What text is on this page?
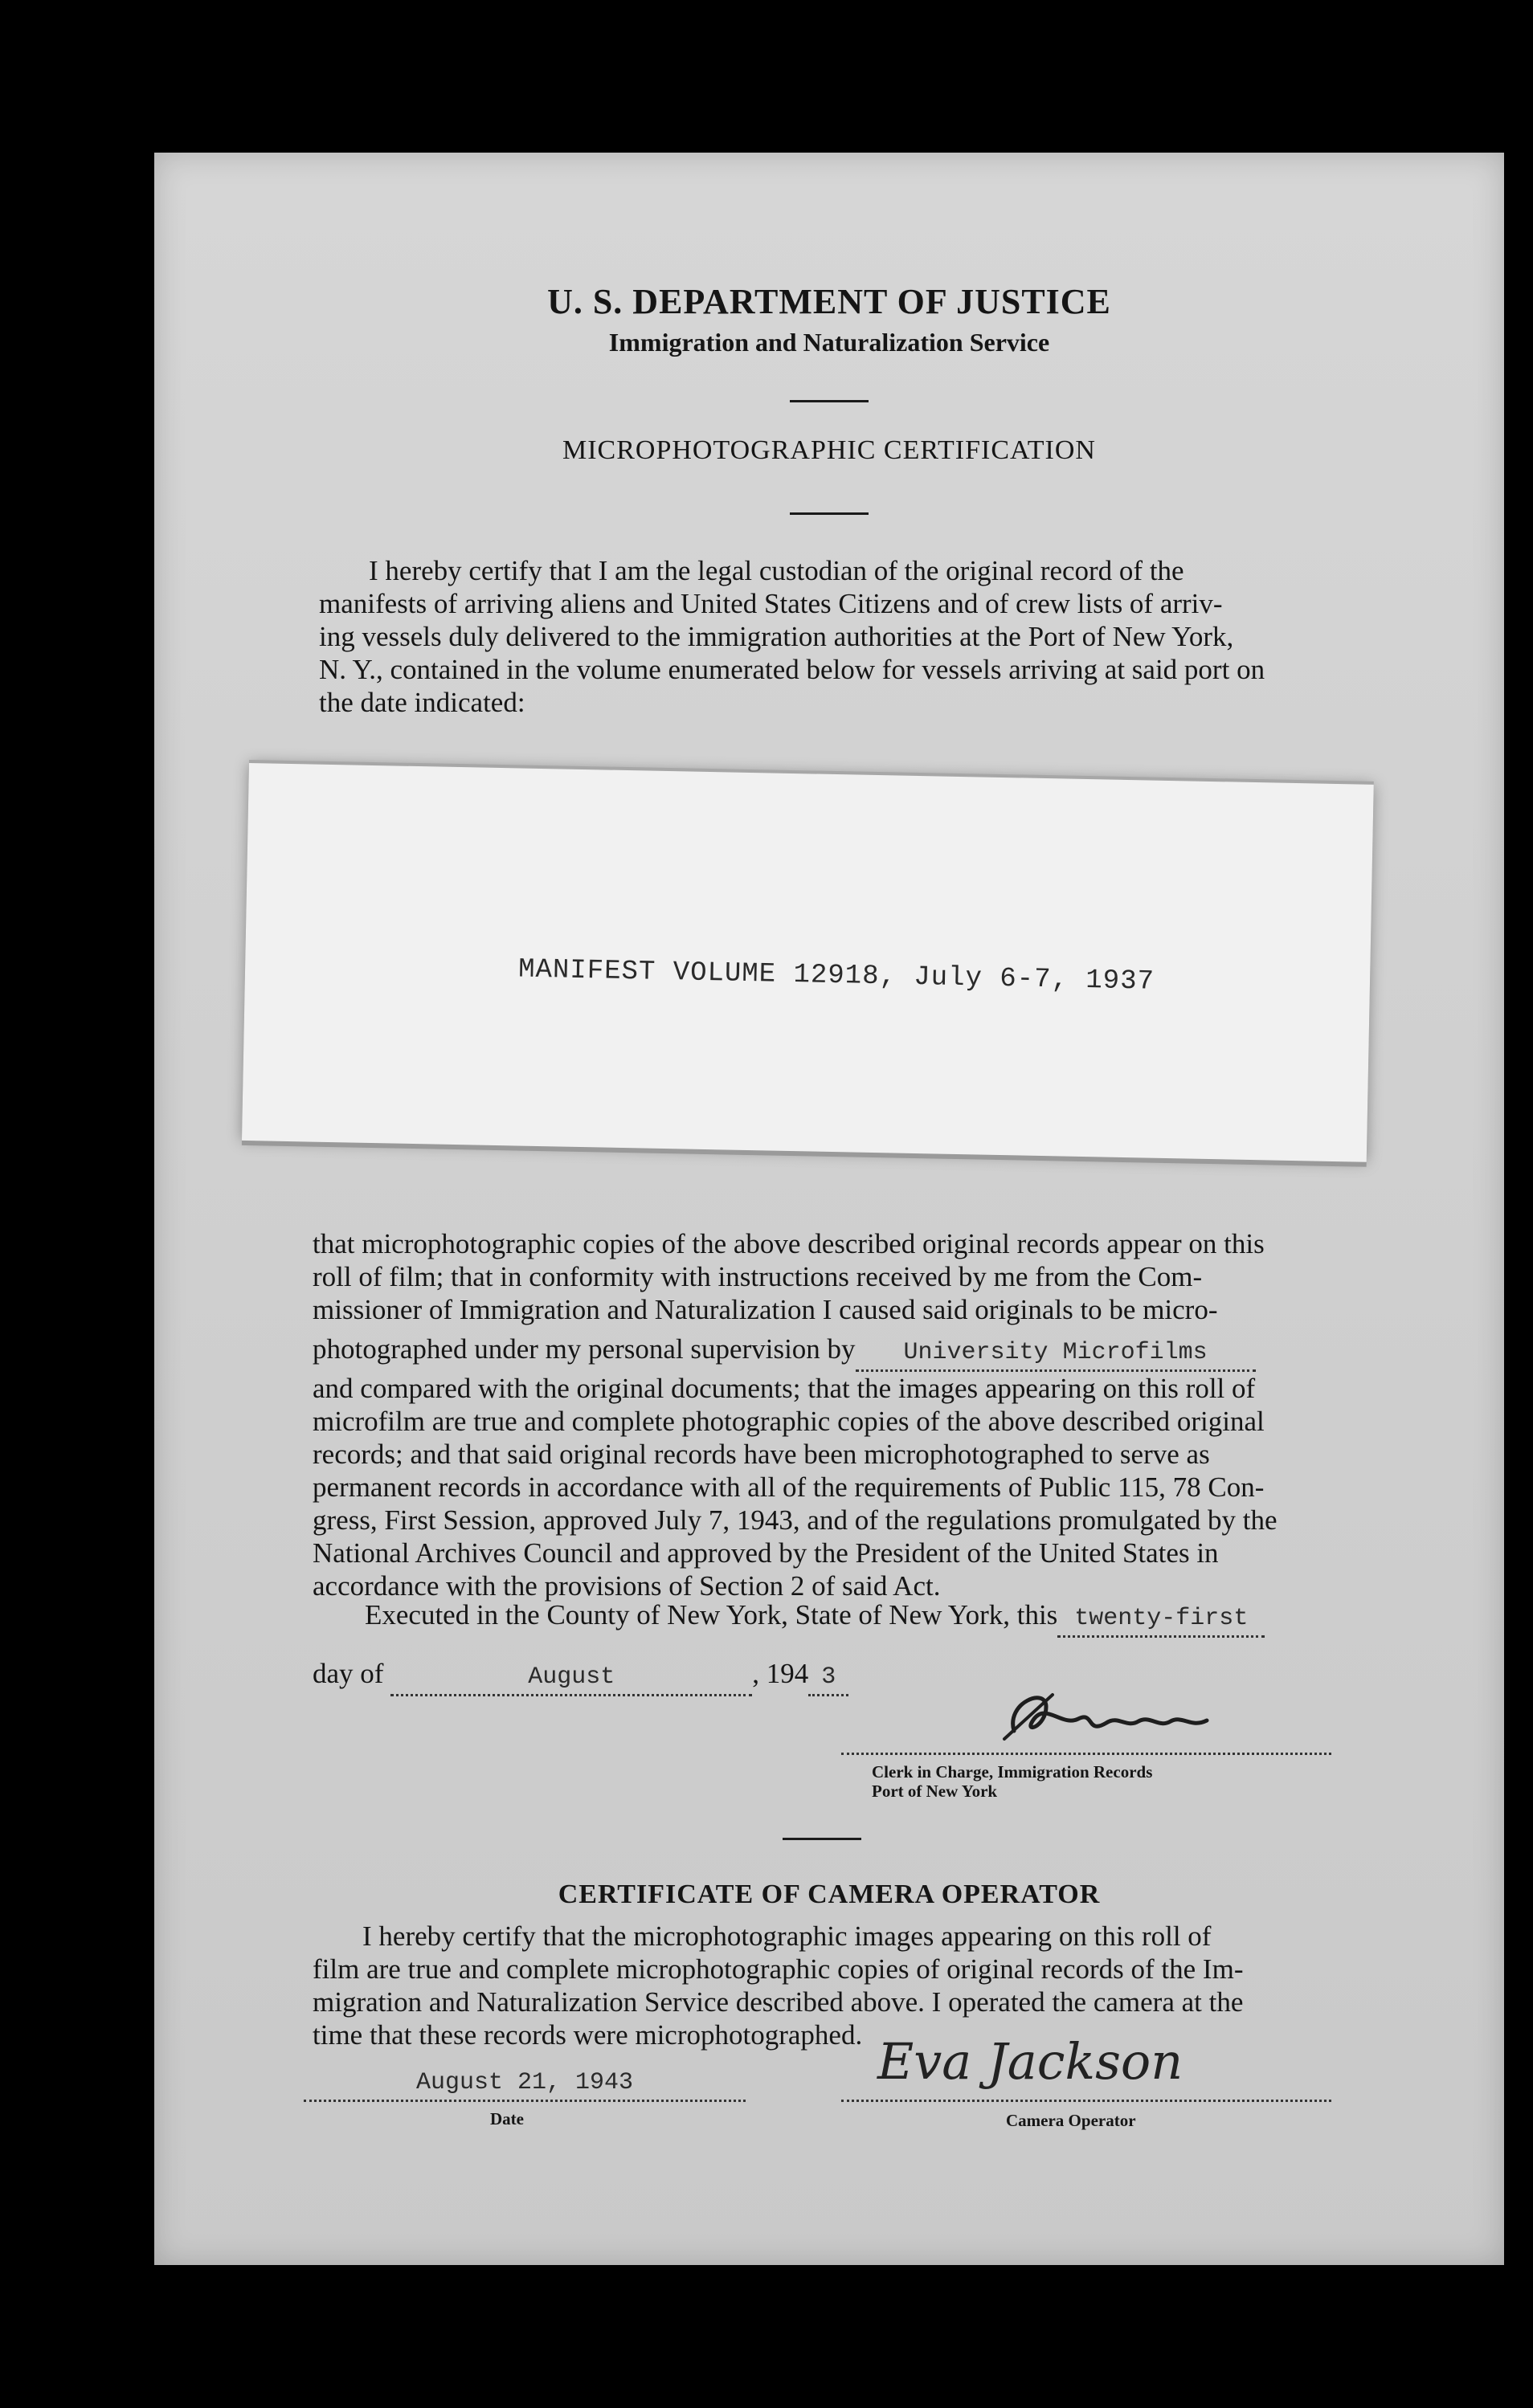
U. S. DEPARTMENT OF JUSTICE
Immigration and Naturalization Service
MICROPHOTOGRAPHIC CERTIFICATION
I hereby certify that I am the legal custodian of the original record of the
manifests of arriving aliens and United States Citizens and of crew lists of arriv-
ing vessels duly delivered to the immigration authorities at the Port of New York,
N. Y., contained in the volume enumerated below for vessels arriving at said port on
the date indicated:
MANIFEST VOLUME 12918, July 6-7, 1937
that microphotographic copies of the above described original records appear on this
roll of film; that in conformity with instructions received by me from the Com-
missioner of Immigration and Naturalization I caused said originals to be micro-
photographed under my personal supervision by University Microfilms
and compared with the original documents; that the images appearing on this roll of
microfilm are true and complete photographic copies of the above described original
records; and that said original records have been microphotographed to serve as
permanent records in accordance with all of the requirements of Public 115, 78 Con-
gress, First Session, approved July 7, 1943, and of the regulations promulgated by the
National Archives Council and approved by the President of the United States in
accordance with the provisions of Section 2 of said Act.
Executed in the County of New York, State of New York, this twenty-first
day of	August	, 194 3
Clerk in Charge, Immigration Records
Port of New York
CERTIFICATE OF CAMERA OPERATOR
I hereby certify that the microphotographic images appearing on this roll of
film are true and complete microphotographic copies of original records of the Im-
migration and Naturalization Service described above. I operated the camera at the
time that these records were microphotographed.
August 21, 1943
Date
Eva Jackson
Camera Operator
